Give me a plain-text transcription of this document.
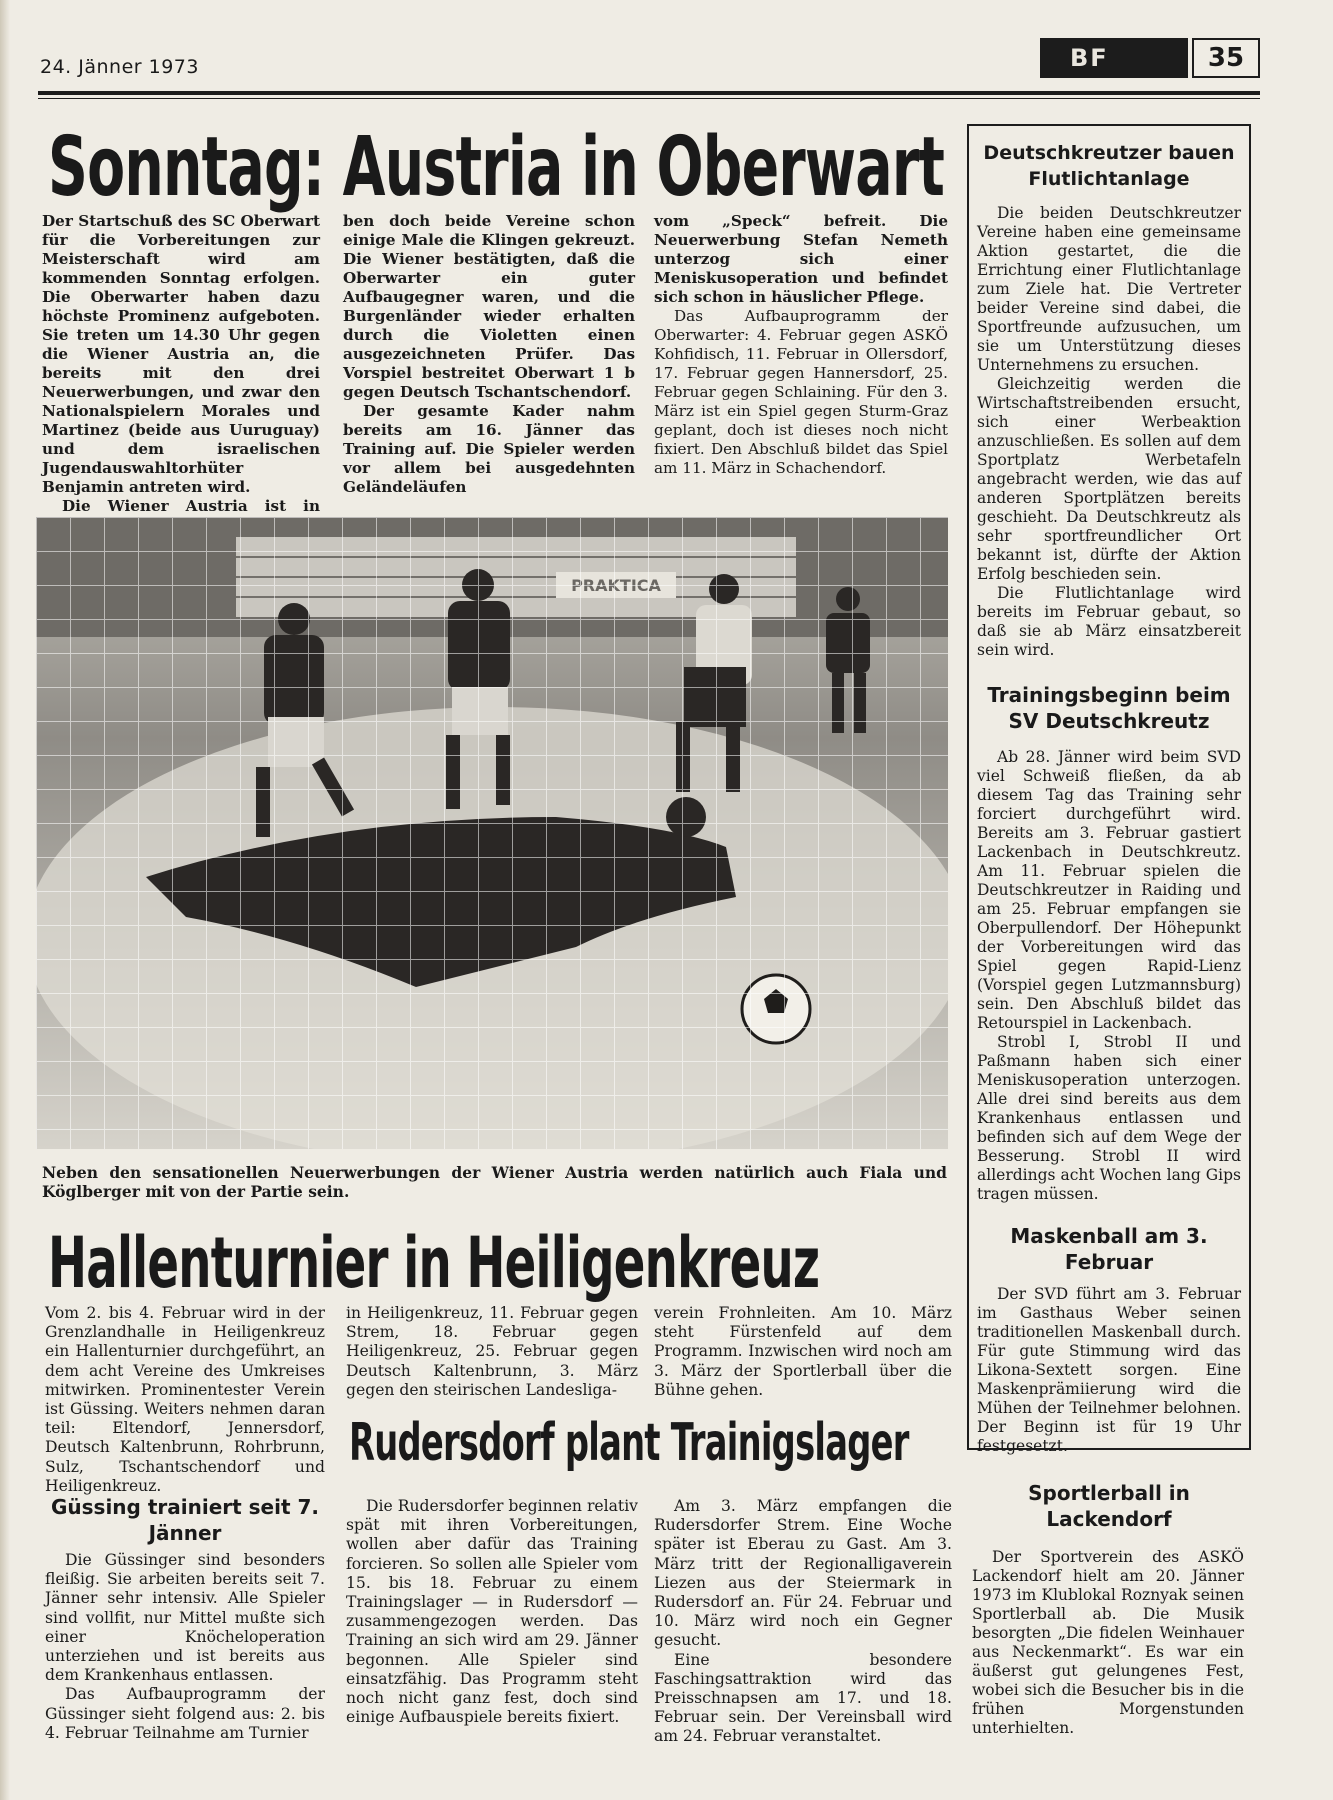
24. Jänner 1973	BF	35
Sonntag: Austria in Oberwart

Der Startschuß des SC Oberwart für die Vorbereitungen zur Meisterschaft wird am kommenden Sonntag erfolgen. Die Oberwarter haben dazu höchste Prominenz aufgeboten. Sie treten um 14.30 Uhr gegen die Wiener Austria an, die bereits mit den drei Neuerwerbungen, und zwar den Nationalspielern Morales und Martinez (beide aus Uuruguay) und dem israelischen Jugendauswahltorhüter Benjamin antreten wird.

Die Wiener Austria ist in

ben doch beide Vereine schon einige Male die Klingen gekreuzt. Die Wiener bestätigten, daß die Oberwarter ein guter Aufbaugegner waren, und die Burgenländer wieder erhalten durch die Violetten einen ausgezeichneten Prüfer. Das Vorspiel bestreitet Oberwart 1 b gegen Deutsch Tschantschendorf.

Der gesamte Kader nahm bereits am 16. Jänner das Training auf. Die Spieler werden vor allem bei ausgedehnten Geländeläufen

vom „Speck“ befreit. Die Neuerwerbung Stefan Nemeth unterzog sich einer Meniskusoperation und befindet sich schon in häuslicher Pflege.

Das Aufbauprogramm der Oberwarter: 4. Februar gegen ASKÖ Kohfidisch, 11. Februar in Ollersdorf, 17. Februar gegen Hannersdorf, 25. Februar gegen Schlaining. Für den 3. März ist ein Spiel gegen Sturm-Graz geplant, doch ist dieses noch nicht fixiert. Den Abschluß bildet das Spiel am 11. März in Schachendorf.

Neben den sensationellen Neuerwerbungen der Wiener Austria werden natürlich auch Fiala und Köglberger mit von der Partie sein.
Hallenturnier in Heiligenkreuz

Vom 2. bis 4. Februar wird in der Grenzlandhalle in Heiligenkreuz ein Hallenturnier durchgeführt, an dem acht Vereine des Umkreises mitwirken. Prominentester Verein ist Güssing. Weiters nehmen daran teil: Eltendorf, Jennersdorf, Deutsch Kaltenbrunn, Rohrbrunn, Sulz, Tschantschendorf und Heiligenkreuz.

in Heiligenkreuz, 11. Februar gegen Strem, 18. Februar gegen Heiligenkreuz, 25. Februar gegen Deutsch Kaltenbrunn, 3. März gegen den steirischen Landesliga-

verein Frohnleiten. Am 10. März steht Fürstenfeld auf dem Programm. Inzwischen wird noch am 3. März der Sportlerball über die Bühne gehen.

Güssing trainiert seit 7. Jänner

Die Güssinger sind besonders fleißig. Sie arbeiten bereits seit 7. Jänner sehr intensiv. Alle Spieler sind vollfit, nur Mittel mußte sich einer Knöcheloperation unterziehen und ist bereits aus dem Krankenhaus entlassen.

Das Aufbauprogramm der Güssinger sieht folgend aus: 2. bis 4. Februar Teilnahme am Turnier

Rudersdorf plant Trainigslager

Die Rudersdorfer beginnen relativ spät mit ihren Vorbereitungen, wollen aber dafür das Training forcieren. So sollen alle Spieler vom 15. bis 18. Februar zu einem Trainingslager — in Rudersdorf — zusammengezogen werden. Das Training an sich wird am 29. Jänner begonnen. Alle Spieler sind einsatzfähig. Das Programm steht noch nicht ganz fest, doch sind einige Aufbauspiele bereits fixiert.

Am 3. März empfangen die Rudersdorfer Strem. Eine Woche später ist Eberau zu Gast. Am 3. März tritt der Regionalligaverein Liezen aus der Steiermark in Rudersdorf an. Für 24. Februar und 10. März wird noch ein Gegner gesucht.

Eine besondere Faschingsattraktion wird das Preisschnapsen am 17. und 18. Februar sein. Der Vereinsball wird am 24. Februar veranstaltet.

Deutschkreutzer bauen Flutlichtanlage

Die beiden Deutschkreutzer Vereine haben eine gemeinsame Aktion gestartet, die die Errichtung einer Flutlichtanlage zum Ziele hat. Die Vertreter beider Vereine sind dabei, die Sportfreunde aufzusuchen, um sie um Unterstützung dieses Unternehmens zu ersuchen.

Gleichzeitig werden die Wirtschaftstreibenden ersucht, sich einer Werbeaktion anzuschließen. Es sollen auf dem Sportplatz Werbetafeln angebracht werden, wie das auf anderen Sportplätzen bereits geschieht. Da Deutschkreutz als sehr sportfreundlicher Ort bekannt ist, dürfte der Aktion Erfolg beschieden sein.

Die Flutlichtanlage wird bereits im Februar gebaut, so daß sie ab März einsatzbereit sein wird.

Trainingsbeginn beim SV Deutschkreutz

Ab 28. Jänner wird beim SVD viel Schweiß fließen, da ab diesem Tag das Training sehr forciert durchgeführt wird. Bereits am 3. Februar gastiert Lackenbach in Deutschkreutz. Am 11. Februar spielen die Deutschkreutzer in Raiding und am 25. Februar empfangen sie Oberpullendorf. Der Höhepunkt der Vorbereitungen wird das Spiel gegen Rapid-Lienz (Vorspiel gegen Lutzmannsburg) sein. Den Abschluß bildet das Retourspiel in Lackenbach.

Strobl I, Strobl II und Paßmann haben sich einer Meniskusoperation unterzogen. Alle drei sind bereits aus dem Krankenhaus entlassen und befinden sich auf dem Wege der Besserung. Strobl II wird allerdings acht Wochen lang Gips tragen müssen.

Maskenball am 3. Februar

Der SVD führt am 3. Februar im Gasthaus Weber seinen traditionellen Maskenball durch. Für gute Stimmung wird das Likona-Sextett sorgen. Eine Maskenprämiierung wird die Mühen der Teilnehmer belohnen. Der Beginn ist für 19 Uhr festgesetzt.

Sportlerball in Lackendorf

Der Sportverein des ASKÖ Lackendorf hielt am 20. Jänner 1973 im Klublokal Roznyak seinen Sportlerball ab. Die Musik besorgten „Die fidelen Weinhauer aus Neckenmarkt“. Es war ein äußerst gut gelungenes Fest, wobei sich die Besucher bis in die frühen Morgenstunden unterhielten.
